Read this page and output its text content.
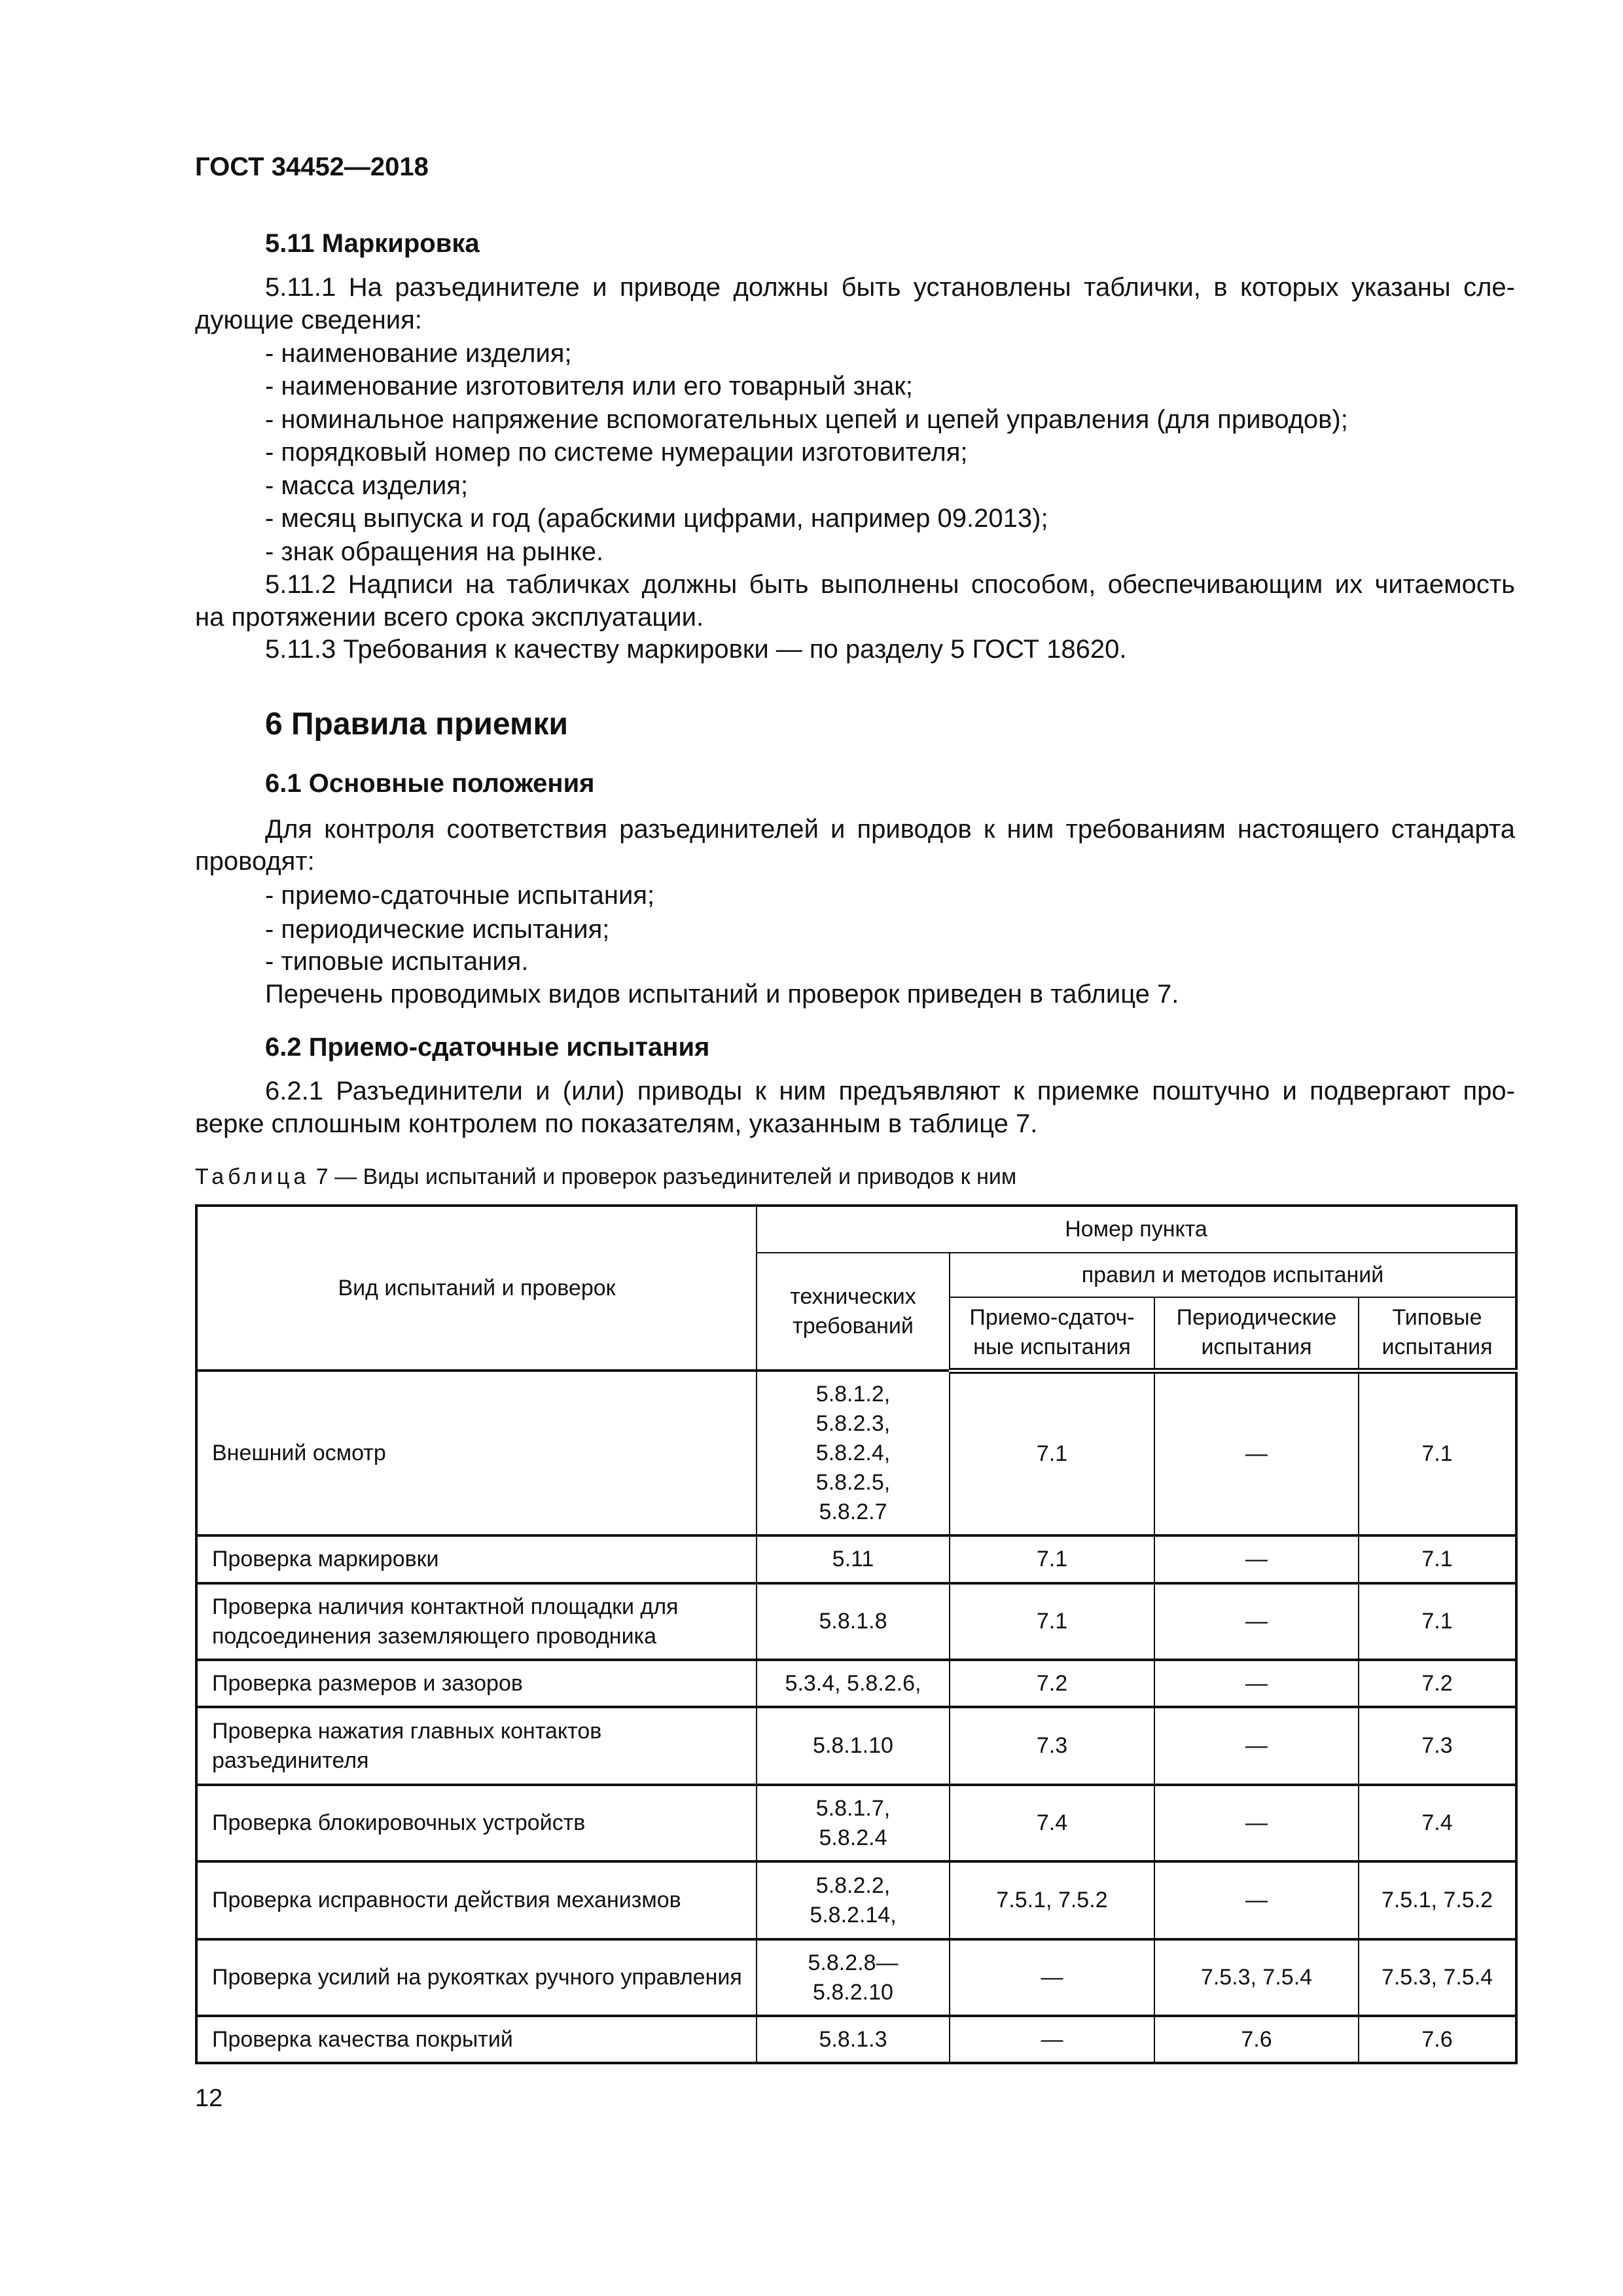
ГОСТ 34452—2018
5.11 Маркировка
5.11.1 На разъединителе и приводе должны быть установлены таблички, в которых указаны сле-
дующие сведения:
- наименование изделия;
- наименование изготовителя или его товарный знак;
- номинальное напряжение вспомогательных цепей и цепей управления (для приводов);
- порядковый номер по системе нумерации изготовителя;
- масса изделия;
- месяц выпуска и год (арабскими цифрами, например 09.2013);
- знак обращения на рынке.
5.11.2 Надписи на табличках должны быть выполнены способом, обеспечивающим их читаемость
на протяжении всего срока эксплуатации.
5.11.3 Требования к качеству маркировки — по разделу 5 ГОСТ 18620.
6 Правила приемки
6.1 Основные положения
Для контроля соответствия разъединителей и приводов к ним требованиям настоящего стандарта
проводят:
- приемо-сдаточные испытания;
- периодические испытания;
- типовые испытания.
Перечень проводимых видов испытаний и проверок приведен в таблице 7.
6.2 Приемо-сдаточные испытания
6.2.1 Разъединители и (или) приводы к ним предъявляют к приемке поштучно и подвергают про-
верке сплошным контролем по показателям, указанным в таблице 7.
Таблица 7 — Виды испытаний и проверок разъединителей и приводов к ним
Вид испытаний и проверок	Номер пункта
технических требований	правил и методов испытаний
Приемо-сдаточ-ные испытания	Периодические испытания	Типовые испытания
Внешний осмотр	5.8.1.2,
5.8.2.3,
5.8.2.4,
5.8.2.5,
5.8.2.7	7.1	—	7.1
Проверка маркировки	5.11	7.1	—	7.1
Проверка наличия контактной площадки для подсоединения заземляющего проводника	5.8.1.8	7.1	—	7.1
Проверка размеров и зазоров	5.3.4, 5.8.2.6,	7.2	—	7.2
Проверка нажатия главных контактов разъединителя	5.8.1.10	7.3	—	7.3
Проверка блокировочных устройств	5.8.1.7,
5.8.2.4	7.4	—	7.4
Проверка исправности действия механизмов	5.8.2.2,
5.8.2.14,	7.5.1, 7.5.2	—	7.5.1, 7.5.2
Проверка усилий на рукоятках ручного управления	5.8.2.8—
5.8.2.10	—	7.5.3, 7.5.4	7.5.3, 7.5.4
Проверка качества покрытий	5.8.1.3	—	7.6	7.6
12
